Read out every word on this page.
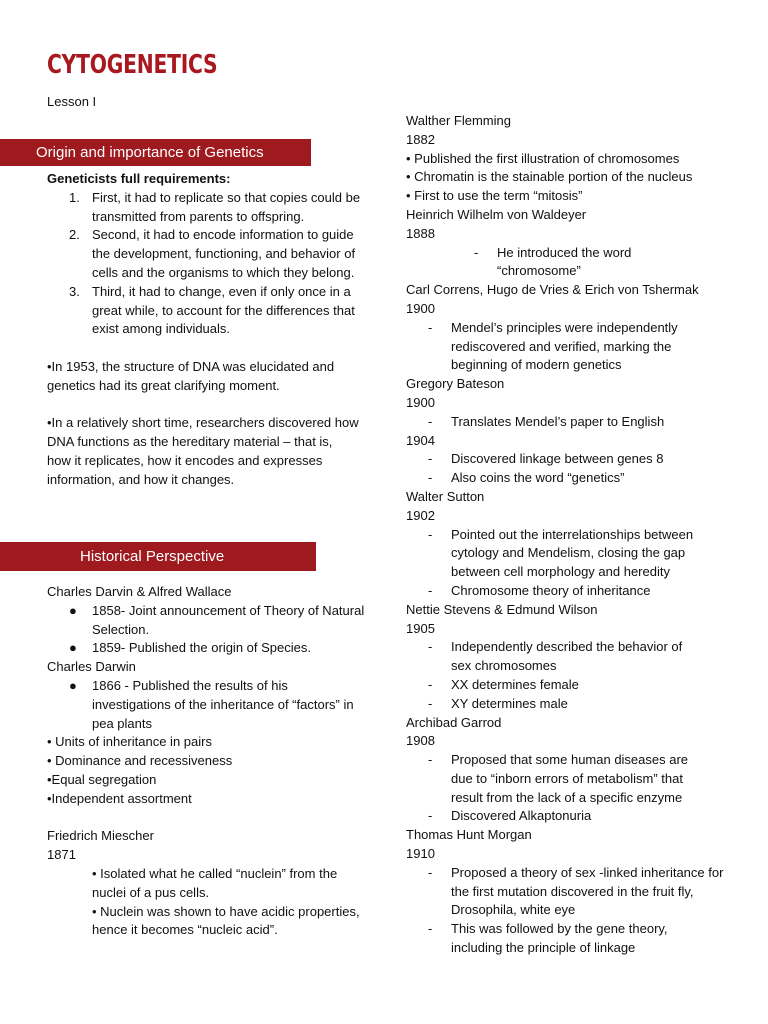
CYTOGENETICS
Lesson I
Origin and importance of Genetics
Geneticists full requirements:
1. First, it had to replicate so that copies could be transmitted from parents to offspring.
2. Second, it had to encode information to guide the development, functioning, and behavior of cells and the organisms to which they belong.
3. Third, it had to change, even if only once in a great while, to account for the differences that exist among individuals.
•In 1953, the structure of DNA was elucidated and genetics had its great clarifying moment.
•In a relatively short time, researchers discovered how DNA functions as the hereditary material – that is, how it replicates, how it encodes and expresses information, and how it changes.
Historical Perspective
Charles Darvin & Alfred Wallace
●	1858- Joint announcement of Theory of Natural Selection.
●	1859- Published the origin of Species.
Charles Darwin
●	1866 - Published the results of his investigations of the inheritance of “factors” in pea plants
• Units of inheritance in pairs
• Dominance and recessiveness
•Equal segregation
•Independent assortment
Friedrich Miescher
1871
• Isolated what he called “nuclein” from the nuclei of a pus cells.
• Nuclein was shown to have acidic properties, hence it becomes “nucleic acid”.
Walther Flemming
1882
• Published the first illustration of chromosomes
• Chromatin is the stainable portion of the nucleus
• First to use the term “mitosis”
Heinrich Wilhelm von Waldeyer
1888
-	He introduced the word “chromosome”
Carl Correns, Hugo de Vries & Erich von Tshermak
1900
-	Mendel’s principles were independently rediscovered and verified, marking the beginning of modern genetics
Gregory Bateson
1900
-	Translates Mendel’s paper to English
1904
-	Discovered linkage between genes 8
-	Also coins the word “genetics”
Walter Sutton
1902
-	Pointed out the interrelationships between cytology and Mendelism, closing the gap between cell morphology and heredity
-	Chromosome theory of inheritance
Nettie Stevens & Edmund Wilson
1905
-	Independently described the behavior of sex chromosomes
-	XX determines female
-	XY determines male
Archibad Garrod
1908
-	Proposed that some human diseases are due to “inborn errors of metabolism” that result from the lack of a specific enzyme
-	Discovered Alkaptonuria
Thomas Hunt Morgan
1910
-	Proposed a theory of sex -linked inheritance for the first mutation discovered in the fruit fly, Drosophila, white eye
-	This was followed by the gene theory, including the principle of linkage
